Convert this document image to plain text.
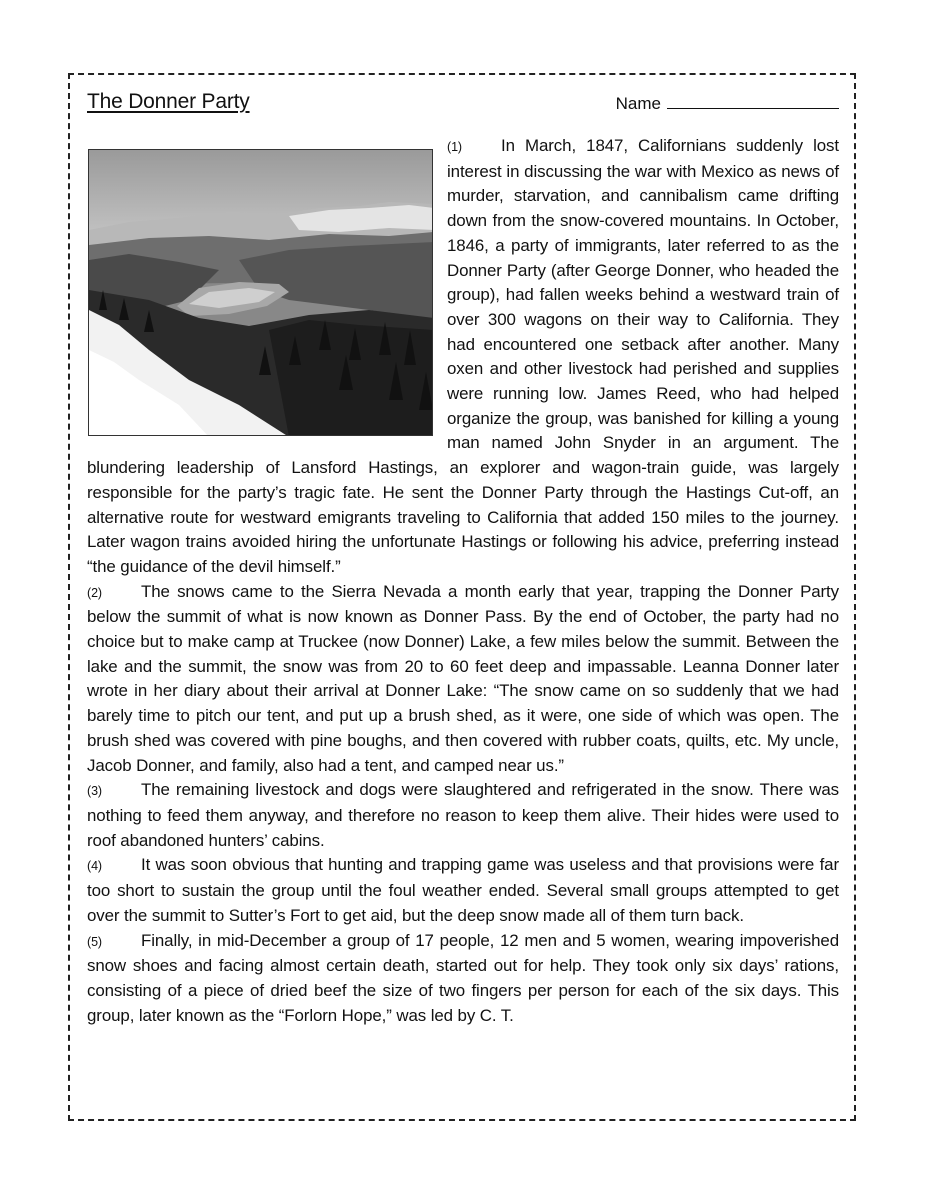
The Donner Party	Name

(1) In March, 1847, Californians suddenly lost interest in discussing the war with Mexico as news of murder, starvation, and cannibalism came drifting down from the snow-covered mountains. In October, 1846, a party of immigrants, later referred to as the Donner Party (after George Donner, who headed the group), had fallen weeks behind a westward train of over 300 wagons on their way to California. They had encountered one setback after another. Many oxen and other livestock had perished and supplies were running low. James Reed, who had helped organize the group, was banished for killing a young man named John Snyder in an argument. The blundering leadership of Lansford Hastings, an explorer and wagon-train guide, was largely responsible for the party’s tragic fate. He sent the Donner Party through the Hastings Cut-off, an alternative route for westward emigrants traveling to California that added 150 miles to the journey. Later wagon trains avoided hiring the unfortunate Hastings or following his advice, preferring instead “the guidance of the devil himself.”

(2) The snows came to the Sierra Nevada a month early that year, trapping the Donner Party below the summit of what is now known as Donner Pass. By the end of October, the party had no choice but to make camp at Truckee (now Donner) Lake, a few miles below the summit. Between the lake and the summit, the snow was from 20 to 60 feet deep and impassable. Leanna Donner later wrote in her diary about their arrival at Donner Lake: “The snow came on so suddenly that we had barely time to pitch our tent, and put up a brush shed, as it were, one side of which was open. The brush shed was covered with pine boughs, and then covered with rubber coats, quilts, etc. My uncle, Jacob Donner, and family, also had a tent, and camped near us.”

(3) The remaining livestock and dogs were slaughtered and refrigerated in the snow. There was nothing to feed them anyway, and therefore no reason to keep them alive. Their hides were used to roof abandoned hunters’ cabins.

(4) It was soon obvious that hunting and trapping game was useless and that provisions were far too short to sustain the group until the foul weather ended. Several small groups attempted to get over the summit to Sutter’s Fort to get aid, but the deep snow made all of them turn back.

(5) Finally, in mid-December a group of 17 people, 12 men and 5 women, wearing impoverished snow shoes and facing almost certain death, started out for help. They took only six days’ rations, consisting of a piece of dried beef the size of two fingers per person for each of the six days. This group, later known as the “Forlorn Hope,” was led by C. T.
